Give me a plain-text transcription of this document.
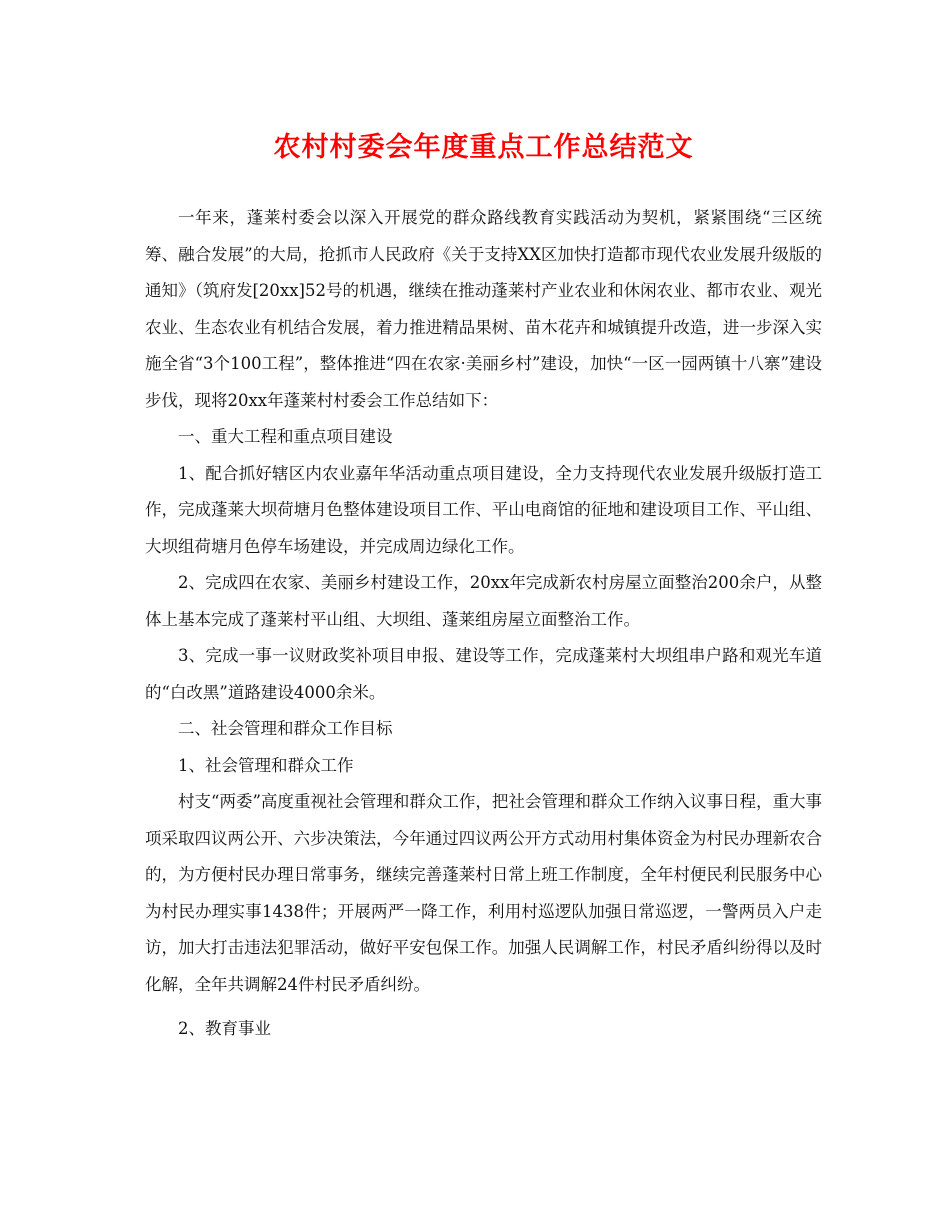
农村村委会年度重点工作总结范文

一年来，蓬莱村委会以深入开展党的群众路线教育实践活动为契机，紧紧围绕“三区统筹、融合发展”的大局，抢抓市人民政府《关于支持XX区加快打造都市现代农业发展升级版的通知》（筑府发[20xx]52号的机遇，继续在推动蓬莱村产业农业和休闲农业、都市农业、观光农业、生态农业有机结合发展，着力推进精品果树、苗木花卉和城镇提升改造，进一步深入实施全省“3个100工程”，整体推进“四在农家·美丽乡村”建设，加快“一区一园两镇十八寨”建设步伐，现将20xx年蓬莱村村委会工作总结如下：

一、重大工程和重点项目建设

1、配合抓好辖区内农业嘉年华活动重点项目建设，全力支持现代农业发展升级版打造工作，完成蓬莱大坝荷塘月色整体建设项目工作、平山电商馆的征地和建设项目工作、平山组、大坝组荷塘月色停车场建设，并完成周边绿化工作。

2、完成四在农家、美丽乡村建设工作，20xx年完成新农村房屋立面整治200余户，从整体上基本完成了蓬莱村平山组、大坝组、蓬莱组房屋立面整治工作。

3、完成一事一议财政奖补项目申报、建设等工作，完成蓬莱村大坝组串户路和观光车道的“白改黑”道路建设4000余米。

二、社会管理和群众工作目标

1、社会管理和群众工作

村支“两委”高度重视社会管理和群众工作，把社会管理和群众工作纳入议事日程，重大事项采取四议两公开、六步决策法，今年通过四议两公开方式动用村集体资金为村民办理新农合的，为方便村民办理日常事务，继续完善蓬莱村日常上班工作制度，全年村便民利民服务中心为村民办理实事1438件；开展两严一降工作，利用村巡逻队加强日常巡逻，一警两员入户走访，加大打击违法犯罪活动，做好平安包保工作。加强人民调解工作，村民矛盾纠纷得以及时化解，全年共调解24件村民矛盾纠纷。

2、教育事业
